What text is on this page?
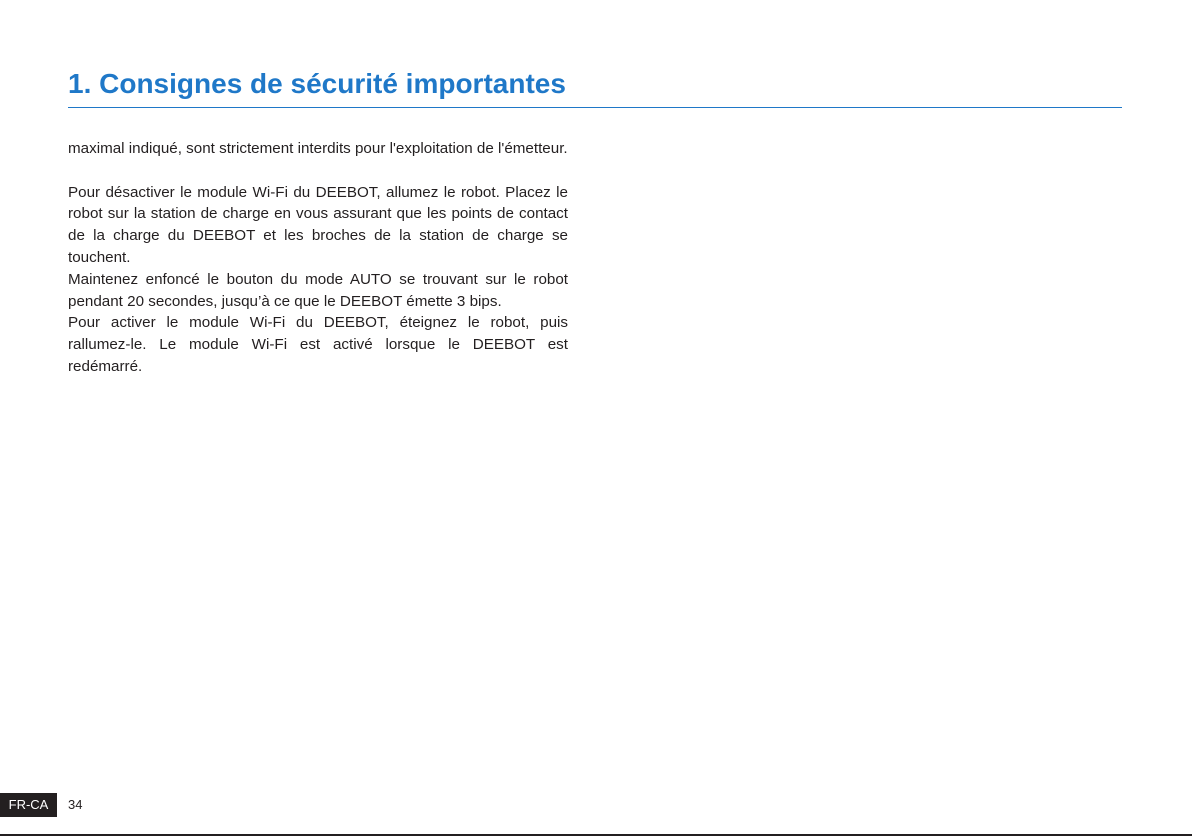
1. Consignes de sécurité importantes

maximal indiqué, sont strictement interdits pour l'exploitation de l'émetteur.

Pour désactiver le module Wi-Fi du DEEBOT, allumez le robot. Placez le robot sur la station de charge en vous assurant que les points de contact de la charge du DEEBOT et les broches de la station de charge se touchent.

Maintenez enfoncé le bouton du mode AUTO se trouvant sur le robot pendant 20 secondes, jusqu’à ce que le DEEBOT émette 3 bips.

Pour activer le module Wi-Fi du DEEBOT, éteignez le robot, puis rallumez-le. Le module Wi-Fi est activé lorsque le DEEBOT est redémarré.

FR-CA	34
